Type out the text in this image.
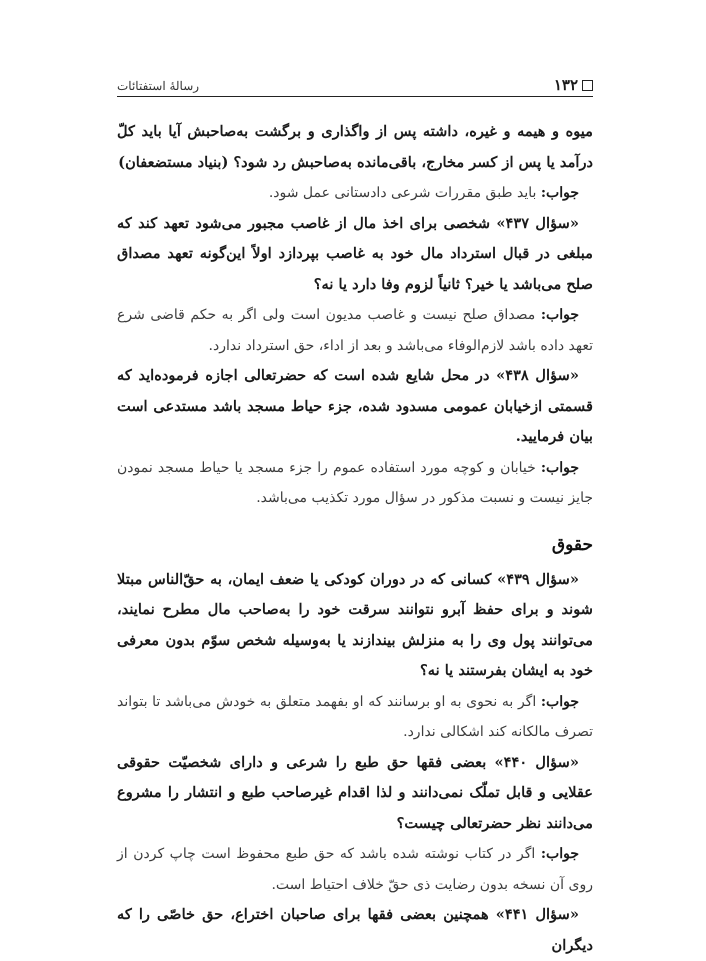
۱۳۲
رسالهٔ استفتائات

میوه و هیمه و غیره، داشته پس از واگذاری و برگشت به‌صاحبش آیا باید کلّ درآمد یا پس از کسر مخارج، باقی‌مانده به‌صاحبش رد شود؟ (بنیاد مستضعفان)

جواب: باید طبق مقررات شرعی دادستانی عمل شود.

«سؤال ۴۳۷» شخصی برای اخذ مال از غاصب مجبور می‌شود تعهد کند که مبلغی در قبال استرداد مال خود به غاصب بپردازد اولاً این‌گونه تعهد مصداق صلح می‌باشد یا خیر؟ ثانیاً لزوم وفا دارد یا نه؟

جواب: مصداق صلح نیست و غاصب مدیون است ولی اگر به حکم قاضی شرع تعهد داده باشد لازم‌الوفاء می‌باشد و بعد از اداء، حق استرداد ندارد.

«سؤال ۴۳۸» در محل شایع شده است که حضرتعالی اجازه فرموده‌اید که قسمتی ازخیابان عمومی مسدود شده، جزء حیاط مسجد باشد مستدعی است بیان فرمایید.

جواب: خیابان و کوچه مورد استفاده عموم را جزء مسجد یا حیاط مسجد نمودن جایز نیست و نسبت مذکور در سؤال مورد تکذیب می‌باشد.

حقوق

«سؤال ۴۳۹» کسانی که در دوران کودکی یا ضعف ایمان، به حقّ‌الناس مبتلا شوند و برای حفظ آبرو نتوانند سرقت خود را به‌صاحب مال مطرح نمایند، می‌توانند پول وی را به منزلش بیندازند یا به‌وسیله شخص سوّم بدون معرفی خود به ایشان بفرستند یا نه؟

جواب: اگر به نحوی به او برسانند که او بفهمد متعلق به خودش می‌باشد تا بتواند تصرف مالکانه کند اشکالی ندارد.

«سؤال ۴۴۰» بعضی فقها حق طبع را شرعی و دارای شخصیّت حقوقی عقلایی و قابل تملّک نمی‌دانند و لذا اقدام غیرصاحب طبع و انتشار را مشروع می‌دانند نظر حضرتعالی چیست؟

جواب: اگر در کتاب نوشته شده باشد که حق طبع محفوظ است چاپ کردن از روی آن نسخه بدون رضایت ذی حقّ خلاف احتیاط است.

«سؤال ۴۴۱» همچنین بعضی فقها برای صاحبان اختراع، حق خاصّی را که دیگران
